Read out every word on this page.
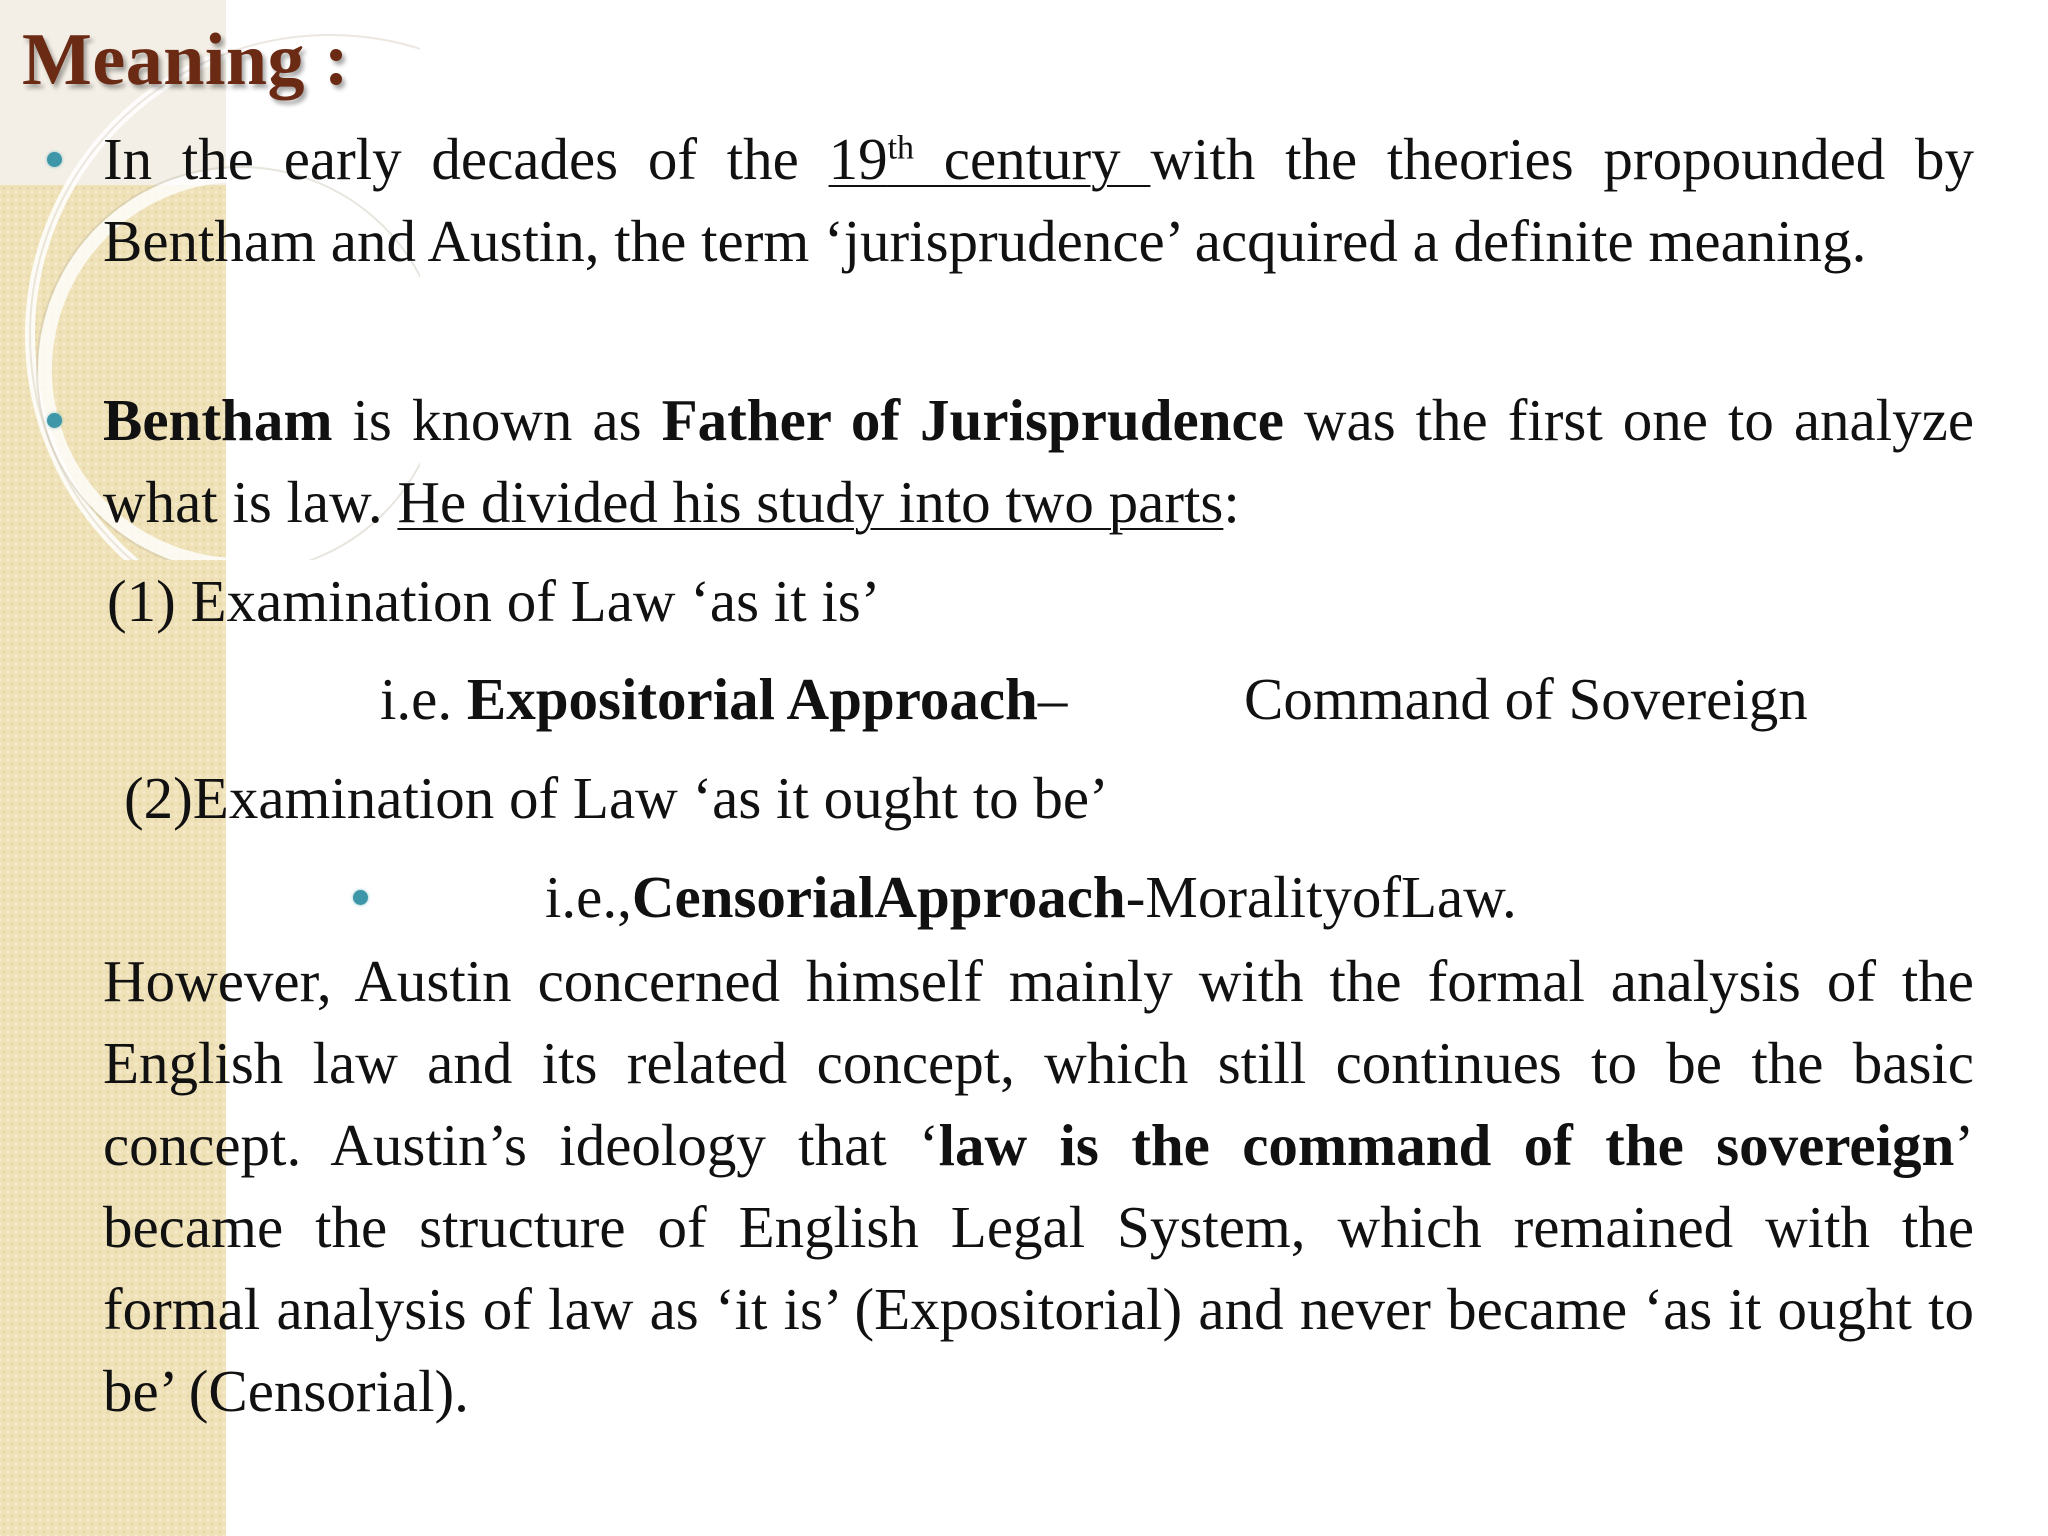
Meaning :

In the early decades of the 19th century with the theories propounded by Bentham and Austin, the term ‘jurisprudence’ acquired a definite meaning.

Bentham is known as Father of Jurisprudence was the first one to analyze what is law. He divided his study into two parts:

(1) Examination of Law ‘as it is’

i.e. Expositorial Approach–	Command of Sovereign

(2)Examination of Law ‘as it ought to be’

i.e.,CensorialApproach-MoralityofLaw.

However, Austin concerned himself mainly with the formal analysis of the English law and its related concept, which still continues to be the basic concept. Austin’s ideology that ‘law is the command of the sovereign’ became the structure of English Legal System, which remained with the formal analysis of law as ‘it is’ (Expositorial) and never became ‘as it ought to be’ (Censorial).
